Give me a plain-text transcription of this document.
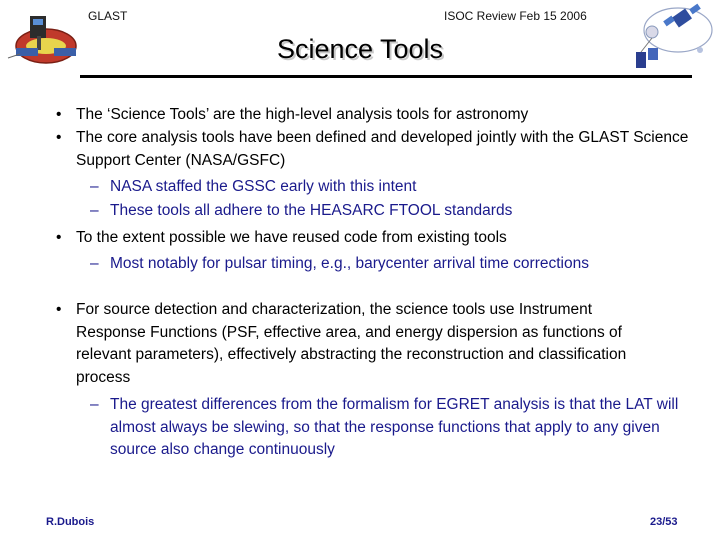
GLAST	ISOC Review Feb 15 2006
Science Tools
• The ‘Science Tools’ are the high-level analysis tools for astronomy
• The core analysis tools have been defined and developed jointly with the GLAST Science Support Center (NASA/GSFC)
– NASA staffed the GSSC early with this intent
– These tools all adhere to the HEASARC FTOOL standards
• To the extent possible we have reused code from existing tools
– Most notably for pulsar timing, e.g., barycenter arrival time corrections
• For source detection and characterization, the science tools use Instrument Response Functions (PSF, effective area, and energy dispersion as functions of relevant parameters), effectively abstracting the reconstruction and classification process
– The greatest differences from the formalism for EGRET analysis is that the LAT will almost always be slewing, so that the response functions that apply to any given source also change continuously
R.Dubois	23/53
